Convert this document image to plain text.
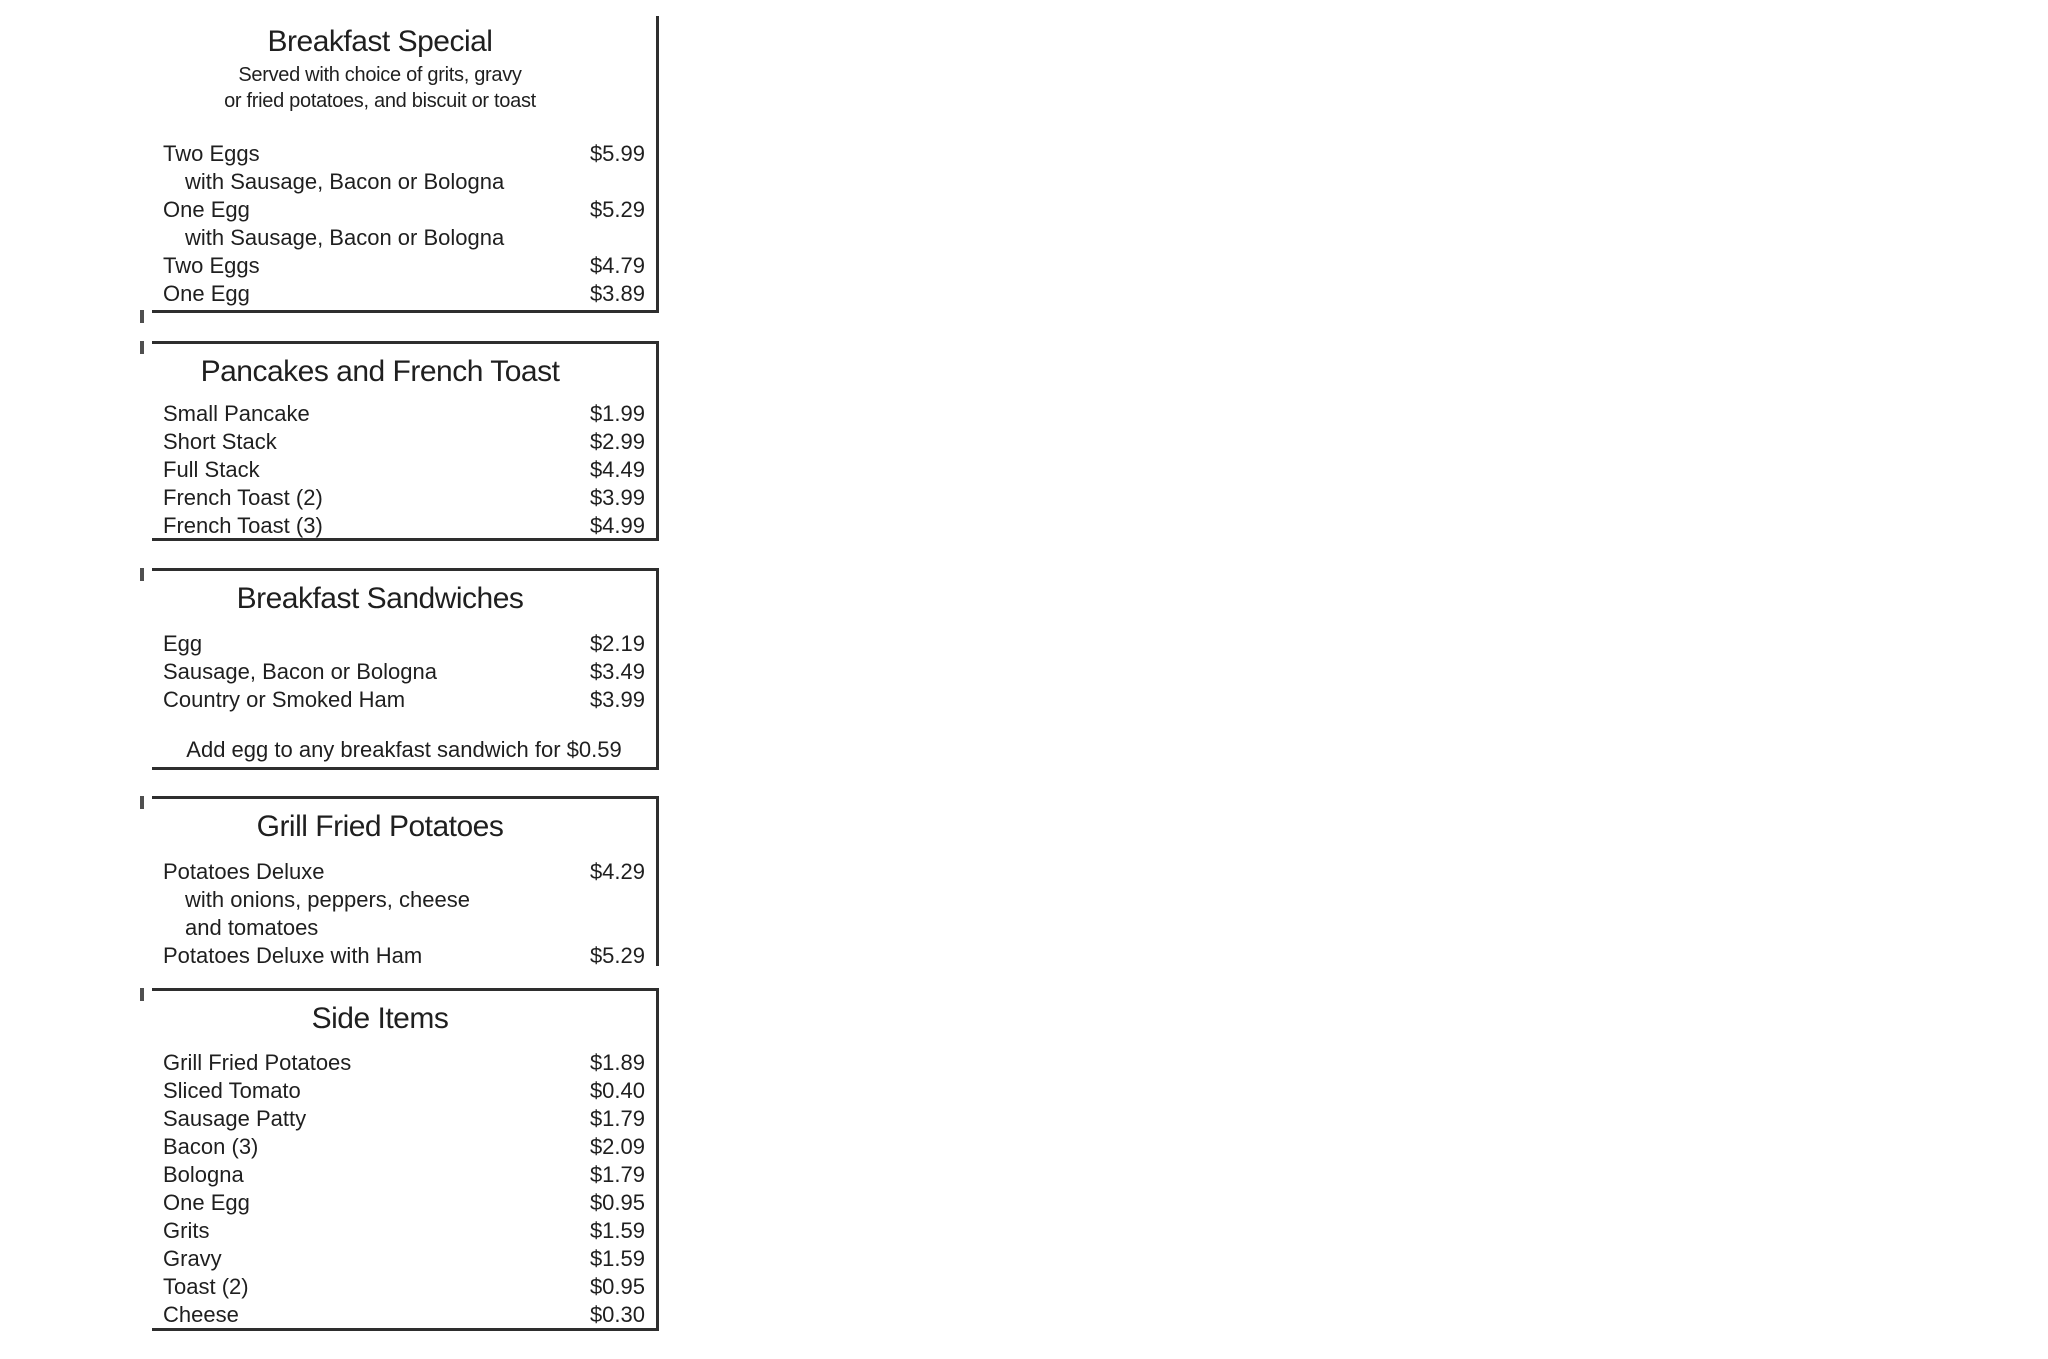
Breakfast Special
Served with choice of grits, gravy
or fried potatoes, and biscuit or toast
Two Eggs	$5.99
with Sausage, Bacon or Bologna
One Egg	$5.29
with Sausage, Bacon or Bologna
Two Eggs	$4.79
One Egg	$3.89
Pancakes and French Toast
Small Pancake	$1.99
Short Stack	$2.99
Full Stack	$4.49
French Toast (2)	$3.99
French Toast (3)	$4.99
Breakfast Sandwiches
Egg	$2.19
Sausage, Bacon or Bologna	$3.49
Country or Smoked Ham	$3.99
Add egg to any breakfast sandwich for $0.59
Grill Fried Potatoes
Potatoes Deluxe	$4.29
with onions, peppers, cheese
and tomatoes
Potatoes Deluxe with Ham	$5.29
Side Items
Grill Fried Potatoes	$1.89
Sliced Tomato	$0.40
Sausage Patty	$1.79
Bacon (3)	$2.09
Bologna	$1.79
One Egg	$0.95
Grits	$1.59
Gravy	$1.59
Toast (2)	$0.95
Cheese	$0.30
